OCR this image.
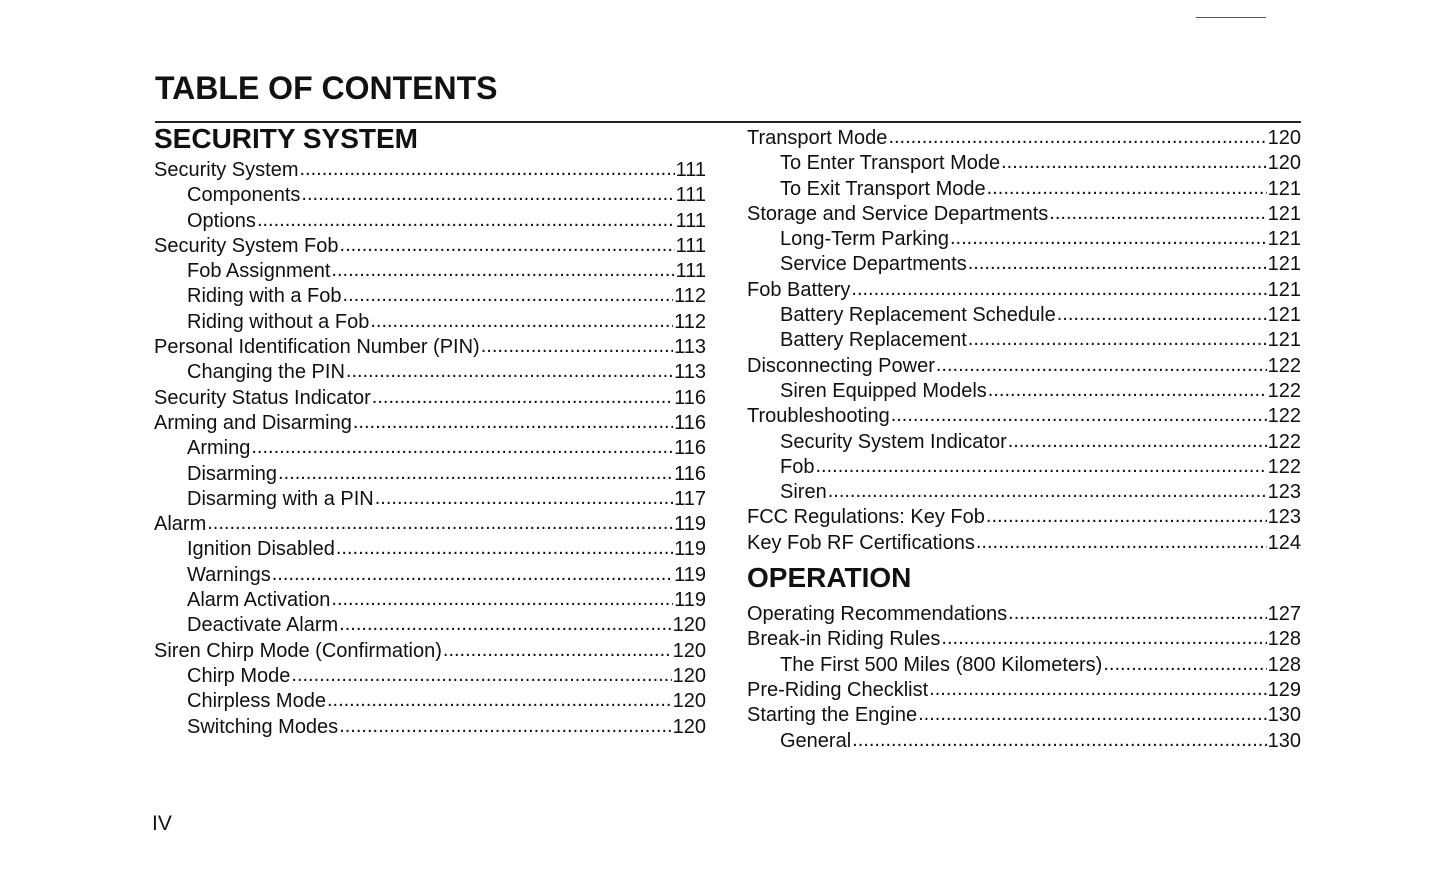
TABLE OF CONTENTS
SECURITY SYSTEM
Security System .....	111
Components .....	111
Options .....	111
Security System Fob .....	111
Fob Assignment .....	111
Riding with a Fob .....	112
Riding without a Fob .....	112
Personal Identification Number (PIN) .....	113
Changing the PIN .....	113
Security Status Indicator .....	116
Arming and Disarming .....	116
Arming .....	116
Disarming .....	116
Disarming with a PIN .....	117
Alarm .....	119
Ignition Disabled .....	119
Warnings .....	119
Alarm Activation .....	119
Deactivate Alarm .....	120
Siren Chirp Mode (Confirmation) .....	120
Chirp Mode .....	120
Chirpless Mode .....	120
Switching Modes .....	120
Transport Mode .....	120
To Enter Transport Mode .....	120
To Exit Transport Mode .....	121
Storage and Service Departments .....	121
Long-Term Parking .....	121
Service Departments .....	121
Fob Battery .....	121
Battery Replacement Schedule .....	121
Battery Replacement .....	121
Disconnecting Power .....	122
Siren Equipped Models .....	122
Troubleshooting .....	122
Security System Indicator .....	122
Fob .....	122
Siren .....	123
FCC Regulations: Key Fob .....	123
Key Fob RF Certifications .....	124
OPERATION
Operating Recommendations .....	127
Break-in Riding Rules .....	128
The First 500 Miles (800 Kilometers) .....	128
Pre-Riding Checklist .....	129
Starting the Engine .....	130
General .....	130
IV
